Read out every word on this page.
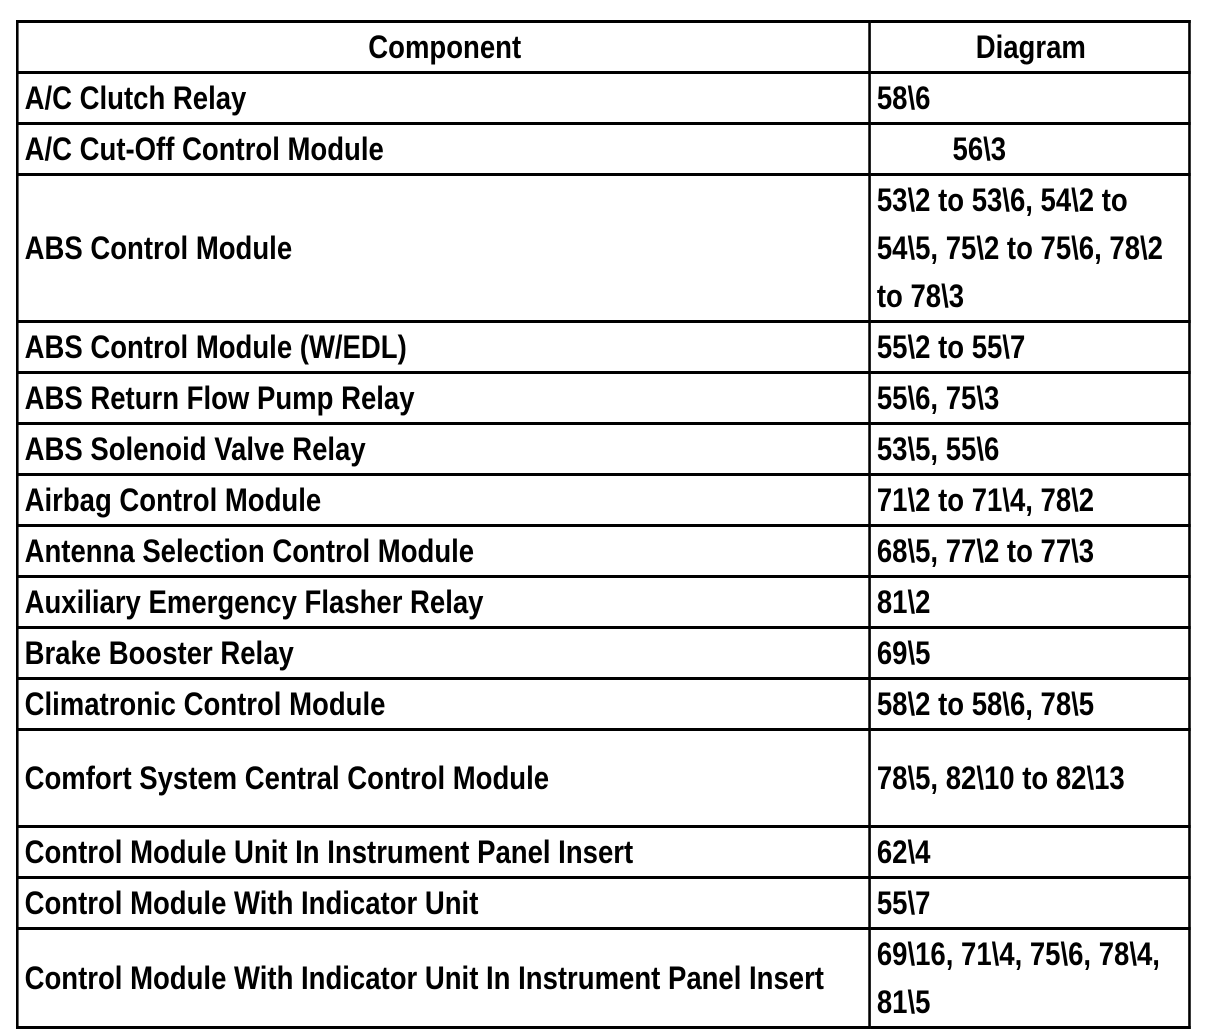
Component	Diagram
A/C Clutch Relay	58\6
A/C Cut-Off Control Module	56\3
ABS Control Module	53\2 to 53\6, 54\2 to 54\5, 75\2 to 75\6, 78\2 to 78\3
ABS Control Module (W/EDL)	55\2 to 55\7
ABS Return Flow Pump Relay	55\6, 75\3
ABS Solenoid Valve Relay	53\5, 55\6
Airbag Control Module	71\2 to 71\4, 78\2
Antenna Selection Control Module	68\5, 77\2 to 77\3
Auxiliary Emergency Flasher Relay	81\2
Brake Booster Relay	69\5
Climatronic Control Module	58\2 to 58\6, 78\5
Comfort System Central Control Module	78\5, 82\10 to 82\13
Control Module Unit In Instrument Panel Insert	62\4
Control Module With Indicator Unit	55\7
Control Module With Indicator Unit In Instrument Panel Insert	69\16, 71\4, 75\6, 78\4, 81\5
